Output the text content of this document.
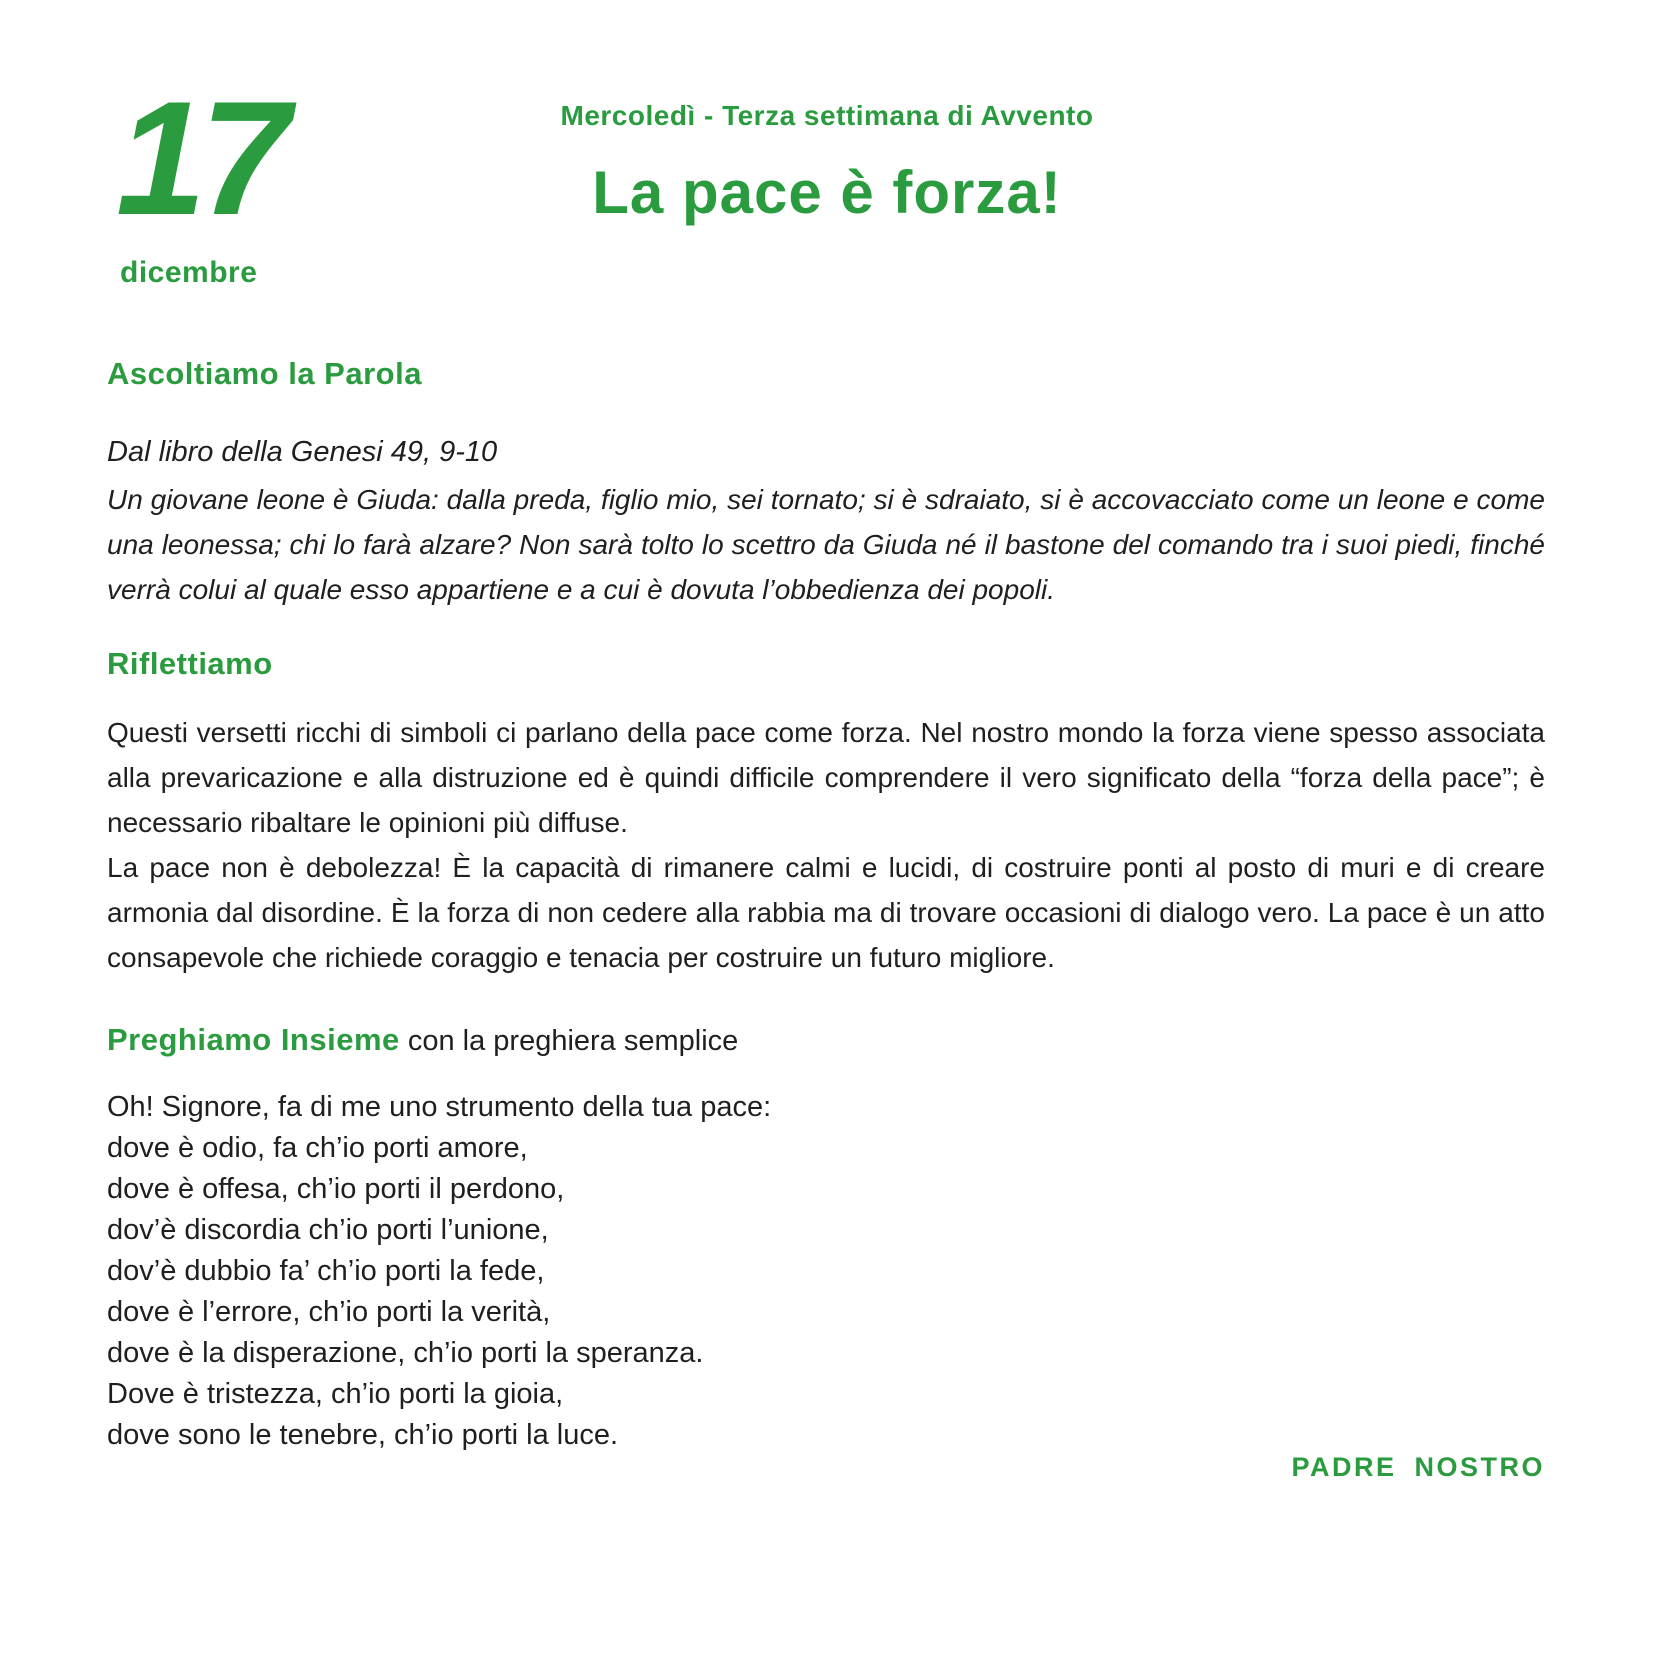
17
dicembre
Mercoledì - Terza settimana di Avvento
La pace è forza!
Ascoltiamo la Parola
Dal libro della Genesi 49, 9-10
Un giovane leone è Giuda: dalla preda, figlio mio, sei tornato; si è sdraiato, si è accovacciato come un leone e come una leonessa; chi lo farà alzare? Non sarà tolto lo scettro da Giuda né il bastone del comando tra i suoi piedi, finché verrà colui al quale esso appartiene e a cui è dovuta l’obbedienza dei popoli.
Riflettiamo

Questi versetti ricchi di simboli ci parlano della pace come forza. Nel nostro mondo la forza viene spesso associata alla prevaricazione e alla distruzione ed è quindi difficile comprendere il vero significato della “forza della pace”; è necessario ribaltare le opinioni più diffuse.

La pace non è debolezza! È la capacità di rimanere calmi e lucidi, di costruire ponti al posto di muri e di creare armonia dal disordine. È la forza di non cedere alla rabbia ma di trovare occasioni di dialogo vero. La pace è un atto consapevole che richiede coraggio e tenacia per costruire un futuro migliore.

Preghiamo Insieme con la preghiera semplice
Oh! Signore, fa di me uno strumento della tua pace:
dove è odio, fa ch’io porti amore,
dove è offesa, ch’io porti il perdono,
dov’è discordia ch’io porti l’unione,
dov’è dubbio fa’ ch’io porti la fede,
dove è l’errore, ch’io porti la verità,
dove è la disperazione, ch’io porti la speranza.
Dove è tristezza, ch’io porti la gioia,
dove sono le tenebre, ch’io porti la luce.
PADRE NOSTRO
